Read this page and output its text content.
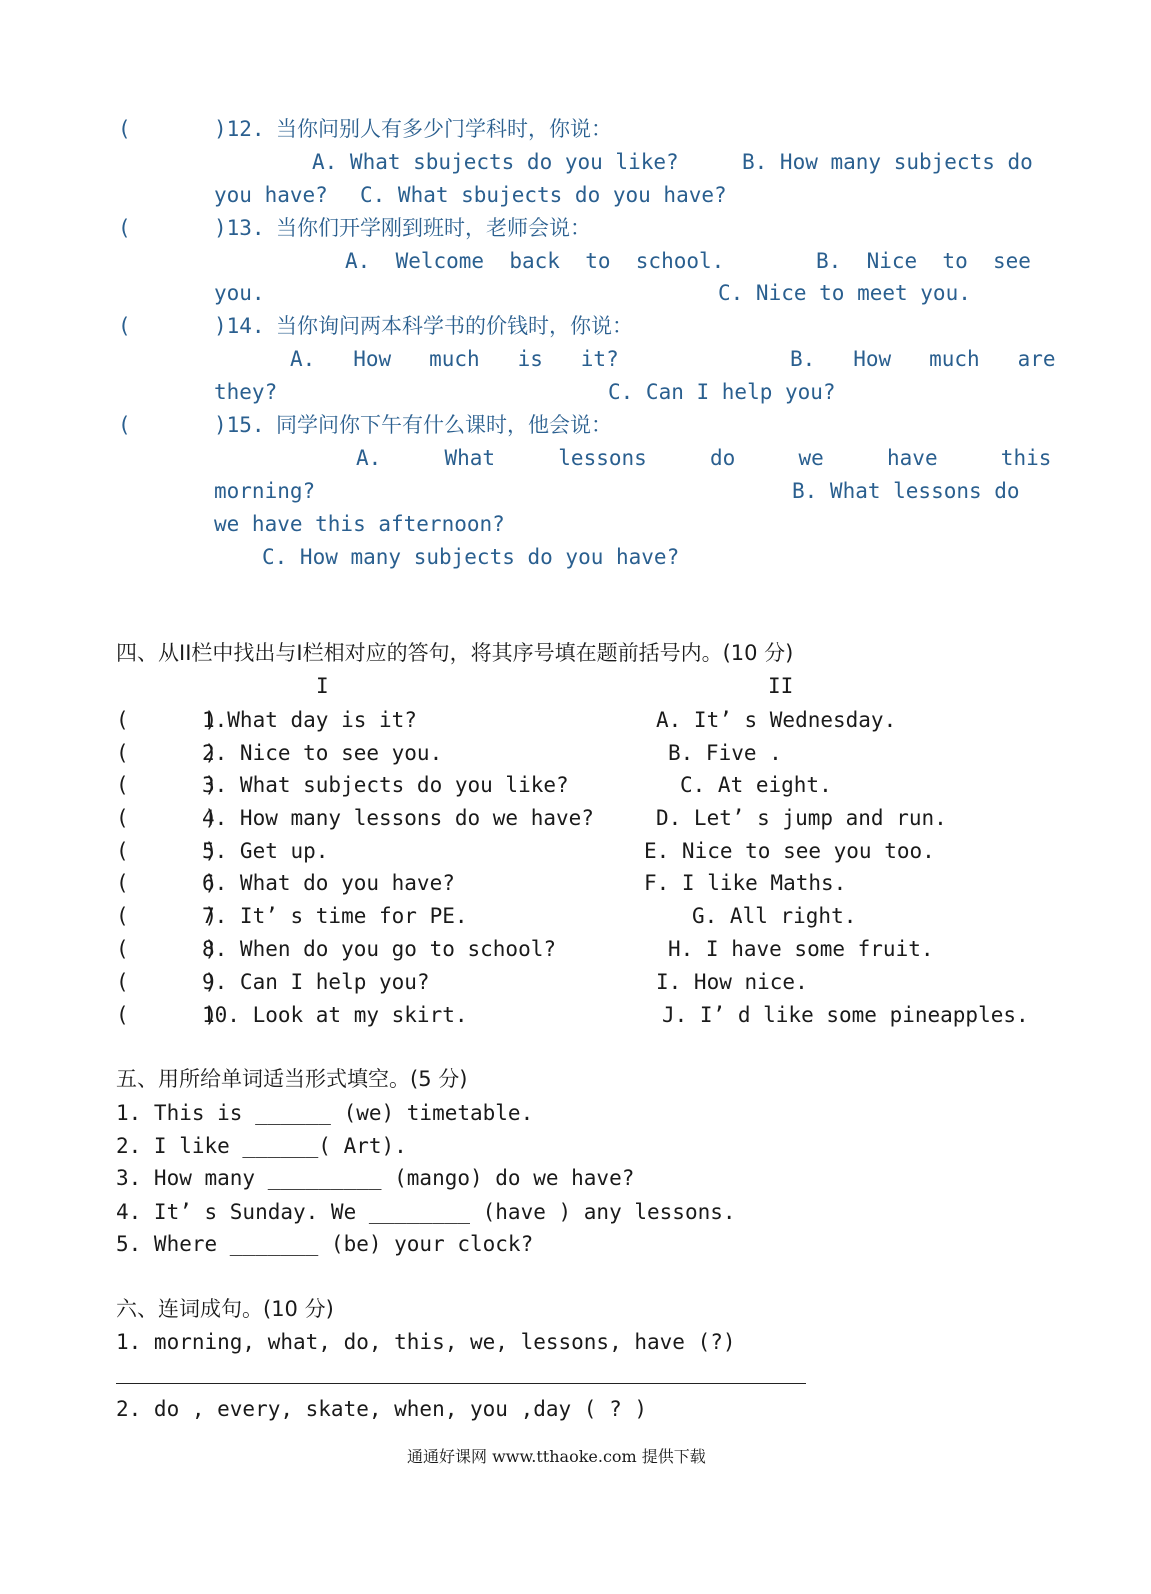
(	)12. 当你问别人有多少门学科时，你说：
A. What sbujects do you like?	B. How many subjects do
you have? C. What sbujects do you have?
(	)13. 当你们开学刚到班时，老师会说：
A.  Welcome  back  to  school.	B.  Nice  to  see
you.	C. Nice to meet you.
(	)14. 当你询问两本科学书的价钱时，你说：
A.   How   much   is   it?	B.   How   much   are
they?	C. Can I help you?
(	)15. 同学问你下午有什么课时，他会说：
A.     What     lessons     do     we     have     this
morning?	B. What lessons do
we have this afternoon?
C. How many subjects do you have?
四、从II栏中找出与I栏相对应的答句，将其序号填在题前括号内。(10 分)
I	II
(      )
1.What day is it?	A. It’ s Wednesday.
(      )
2. Nice to see you.	B. Five .
(      )
3. What subjects do you like?	C. At eight.
(      )
4. How many lessons do we have?	D. Let’ s jump and run.
(      )
5. Get up.	E. Nice to see you too.
(      )
6. What do you have?	F. I like Maths.
(      )
7. It’ s time for PE.	G. All right.
(      )
8. When do you go to school?	H. I have some fruit.
(      )
9. Can I help you?	I. How nice.
(      )
10. Look at my skirt.	J. I’ d like some pineapples.
五、用所给单词适当形式填空。(5 分)
1. This is ______ (we) timetable.
2. I like ______( Art).
3. How many _________ (mango) do we have?
4. It’ s Sunday. We ________ (have ) any lessons.
5. Where _______ (be) your clock?
六、连词成句。(10 分)
1. morning, what, do, this, we, lessons, have (?)
2. do , every, skate, when, you ,day ( ? )
通通好课网 www.tthaoke.com 提供下载
